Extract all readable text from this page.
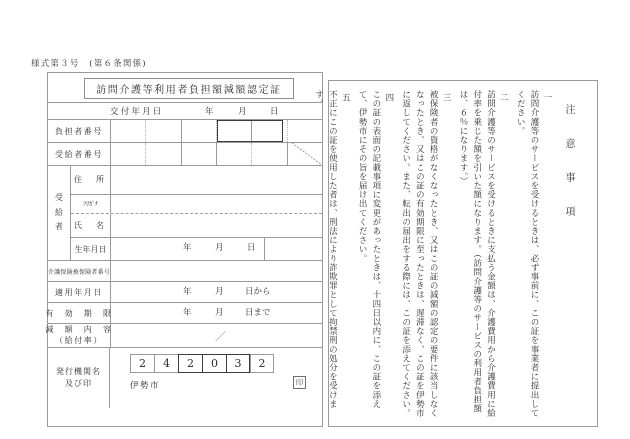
様式第３号　(第６条関係)
訪問介護等利用者負担額減額認定証
交付年月日	年	月	日
負担者番号
受給者番号
受
給
者
住　所
ﾌﾘｶﾞﾅ
氏　名
生年月日	年	月	日
介護保険被保険者番号
適用年月日	年	月	日から
有　効　期　限	年	月	日まで
減　額　内　容
（給付率）	／
発行機関名
及び印
2	4	2	0	3	2
伊勢市	印
注　意　事　項
一
訪問介護等のサービスを受けるときは、必ず事前に、この証を事業者に提出してください。
二
訪問介護等のサービスを受けるときに支払う金額は、介護費用から介護費用に給付率を乗じた額を引いた額になります。（訪問介護等のサービスの利用者負担額は、６％になります。）
三
被保険者の資格がなくなったとき、又はこの証の減額の認定の要件に該当しなくなったとき、又はこの証の有効期限に至ったときは、遅滞なく、この証を伊勢市に返してください。また、転出の届出をする際には、この証を添えてください。
四
この証の表面の記載事項に変更があったときは、十四日以内に、この証を添えて、伊勢市にその旨を届け出てください。
五
不正にこの証を使用した者は、刑法により詐欺罪として拘禁刑の処分を受けます。
